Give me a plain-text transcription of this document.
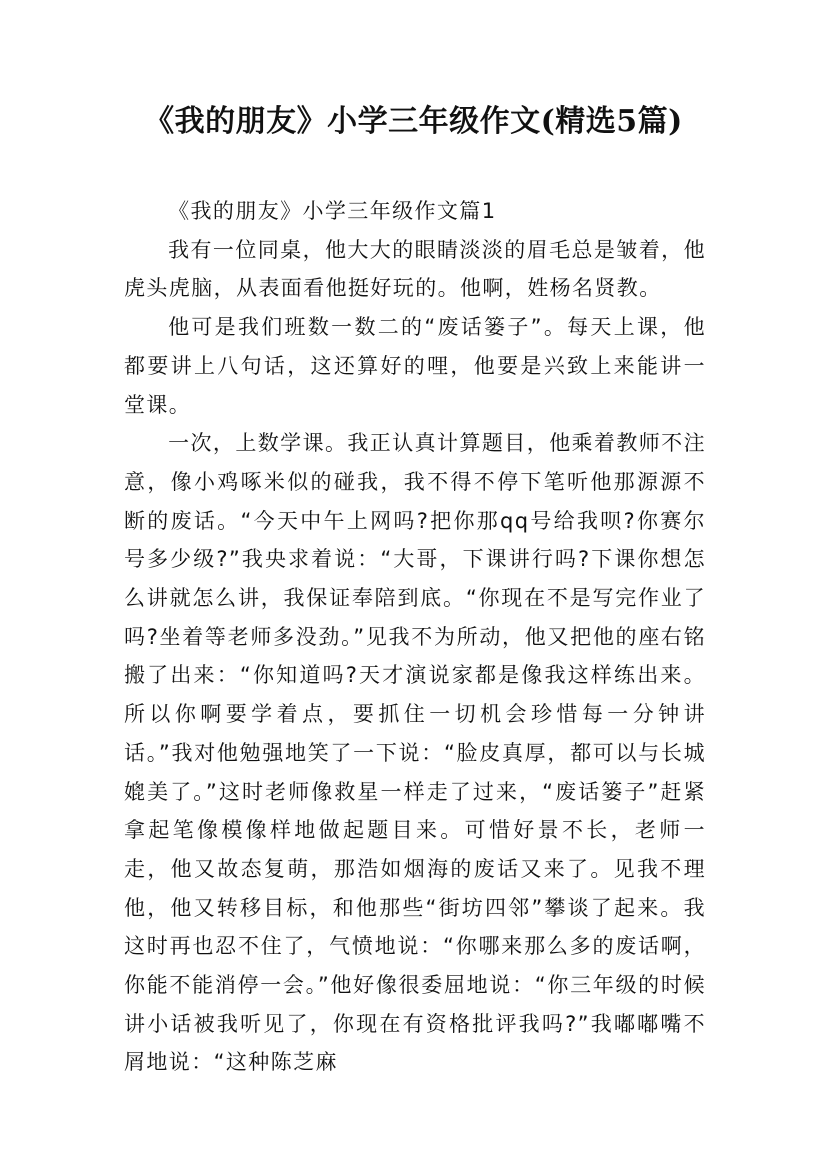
《我的朋友》小学三年级作文(精选5篇)

《我的朋友》小学三年级作文篇1

我有一位同桌，他大大的眼睛淡淡的眉毛总是皱着，他虎头虎脑，从表面看他挺好玩的。他啊，姓杨名贤教。

他可是我们班数一数二的“废话篓子”。每天上课，他都要讲上八句话，这还算好的哩，他要是兴致上来能讲一堂课。

一次，上数学课。我正认真计算题目，他乘着教师不注意，像小鸡啄米似的碰我，我不得不停下笔听他那源源不断的废话。“今天中午上网吗?把你那qq号给我呗?你赛尔号多少级?”我央求着说：“大哥，下课讲行吗?下课你想怎么讲就怎么讲，我保证奉陪到底。“你现在不是写完作业了吗?坐着等老师多没劲。”见我不为所动，他又把他的座右铭搬了出来：“你知道吗?天才演说家都是像我这样练出来。所以你啊要学着点，要抓住一切机会珍惜每一分钟讲话。”我对他勉强地笑了一下说：“脸皮真厚，都可以与长城媲美了。”这时老师像救星一样走了过来，“废话篓子”赶紧拿起笔像模像样地做起题目来。可惜好景不长，老师一走，他又故态复萌，那浩如烟海的废话又来了。见我不理他，他又转移目标，和他那些“街坊四邻”攀谈了起来。我这时再也忍不住了，气愤地说：“你哪来那么多的废话啊，你能不能消停一会。”他好像很委屈地说：“你三年级的时候讲小话被我听见了，你现在有资格批评我吗?”我嘟嘟嘴不屑地说：“这种陈芝麻
